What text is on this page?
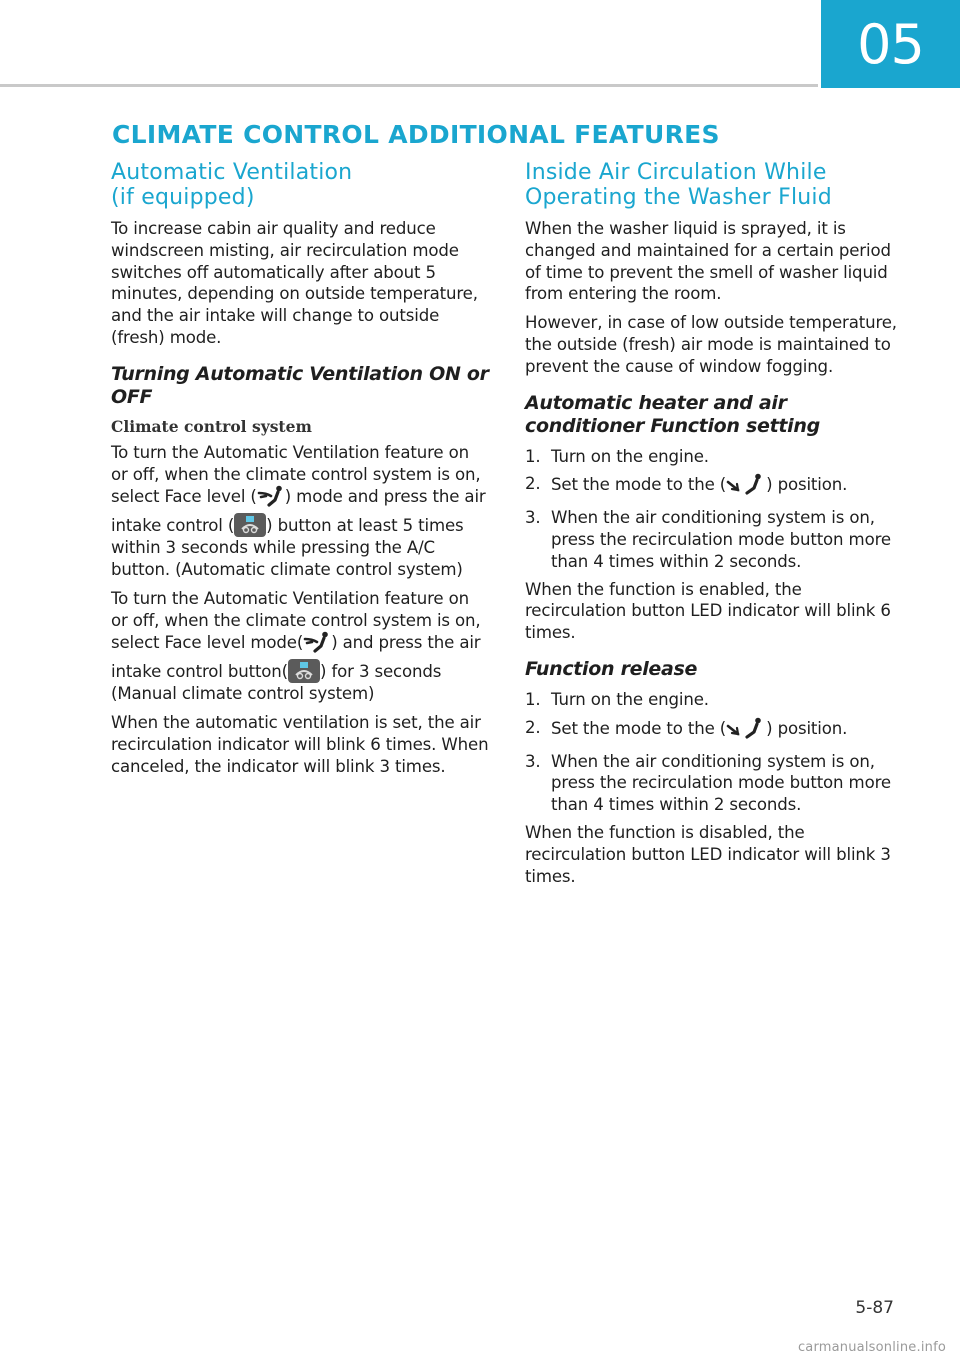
05
CLIMATE CONTROL ADDITIONAL FEATURES
Automatic Ventilation
(if equipped)

To increase cabin air quality and reduce windscreen misting, air recirculation mode switches off automatically after about 5 minutes, depending on outside temperature, and the air intake will change to outside (fresh) mode.

Turning Automatic Ventilation ON or OFF
Climate control system

To turn the Automatic Ventilation feature on or off, when the climate control system is on, select Face level ( ) mode and press the air intake control ( ) button at least 5 times within 3 seconds while pressing the A/C button. (Automatic climate control system)

To turn the Automatic Ventilation feature on or off, when the climate control system is on, select Face level mode( ) and press the air intake control button( ) for 3 seconds (Manual climate control system)

When the automatic ventilation is set, the air recirculation indicator will blink 6 times. When canceled, the indicator will blink 3 times.

Inside Air Circulation While
Operating the Washer Fluid

When the washer liquid is sprayed, it is changed and maintained for a certain period of time to prevent the smell of washer liquid from entering the room.

However, in case of low outside temperature, the outside (fresh) air mode is maintained to prevent the cause of window fogging.

Automatic heater and air
conditioner Function setting
1. Turn on the engine.
2. Set the mode to the ( ) position.
3. When the air conditioning system is on, press the recirculation mode button more than 4 times within 2 seconds.

When the function is enabled, the recirculation button LED indicator will blink 6 times.

Function release
1. Turn on the engine.
2. Set the mode to the ( ) position.
3. When the air conditioning system is on, press the recirculation mode button more than 4 times within 2 seconds.

When the function is disabled, the recirculation button LED indicator will blink 3 times.

5-87
carmanualsonline.info
